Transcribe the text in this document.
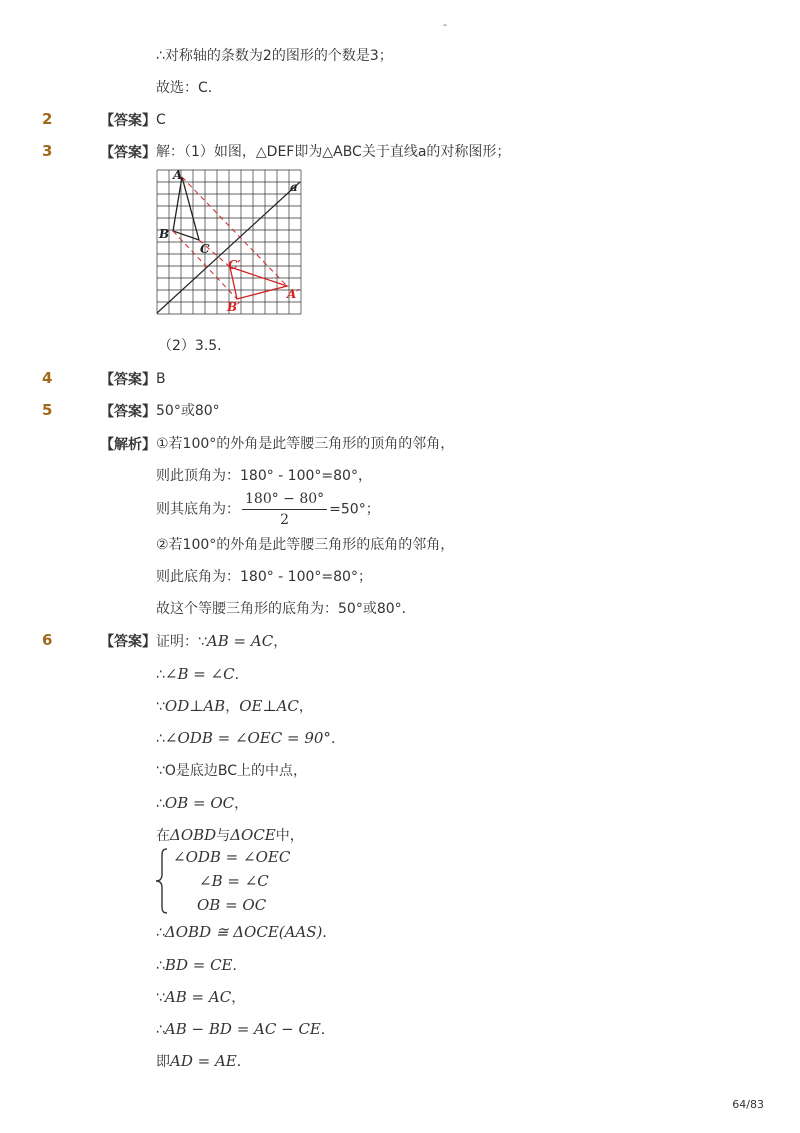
-
∴对称轴的条数为2的图形的个数是3；
故选：C．
2	【答案】 C
3	【答案】 解：（1）如图，△DEF即为△ABC关于直线a的对称图形；
A
B
C
A′
B′
C′
a
（2）3.5．
4	【答案】 B
5	【答案】 50°或80°
【解析】 ①若100°的外角是此等腰三角形的顶角的邻角，
则此顶角为：180° - 100°=80°，
则其底角为： $\frac{180^\circ - 80^\circ}{2} =50^\circ$；
②若100°的外角是此等腰三角形的底角的邻角，
则此底角为：180° - 100°=80°；
故这个等腰三角形的底角为：50°或80°．
6	【答案】 证明：∵AB = AC，
∴∠B = ∠C．
∵OD⊥AB，OE⊥AC，
∴∠ODB = ∠OEC = 90°．
∵O是底边BC上的中点，
∴OB = OC，
在ΔOBD与ΔOCE中，
∠ODB = ∠OEC
∠B = ∠C
OB = OC
∴ΔOBD ≅ ΔOCE(AAS)．
∴BD = CE．
∵AB = AC，
∴AB − BD = AC − CE．
即AD = AE．
64/83
